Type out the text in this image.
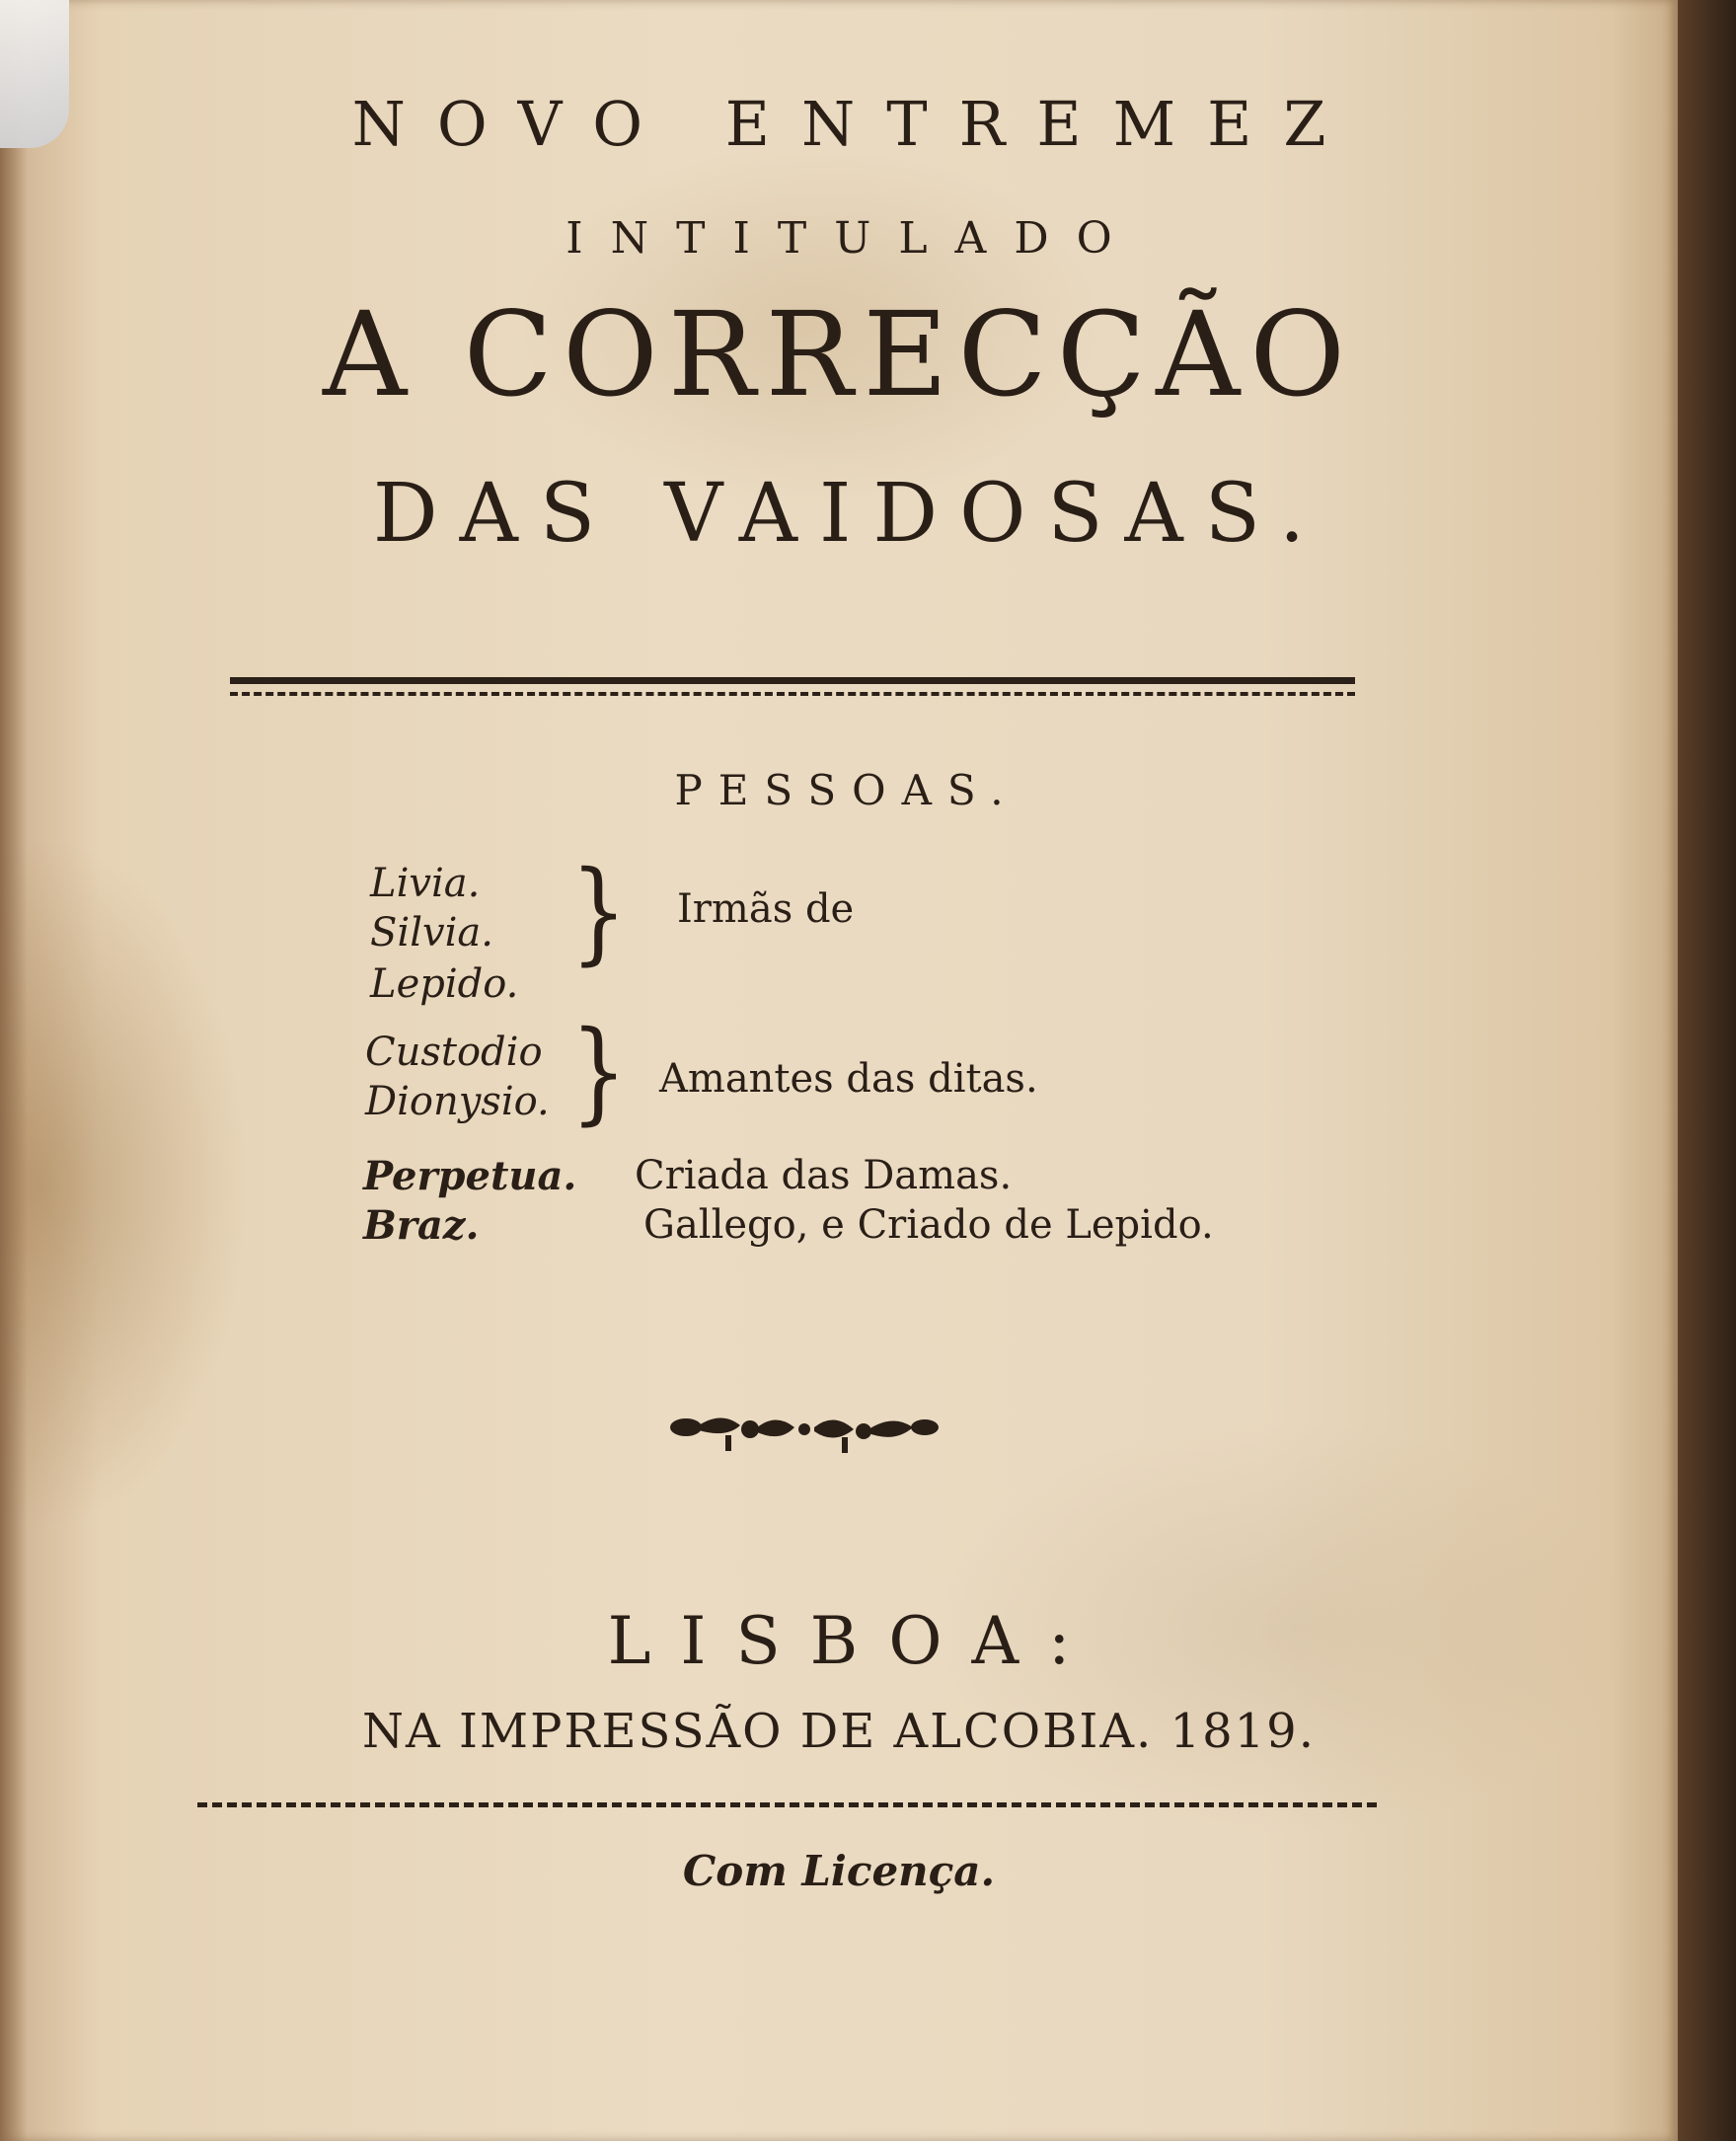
NOVO ENTREMEZ
INTITULADO
A CORRECÇÃO
DAS VAIDOSAS.
PESSOAS.
Livia.
Silvia.
Lepido.
} Irmãs de
Custodio
Dionysio. } Amantes das ditas.
Perpetua. Criada das Damas.
Braz.	Gallego, e Criado de Lepido.
LISBOA:
NA IMPRESSÃO DE ALCOBIA. 1819.
Com Licença.
